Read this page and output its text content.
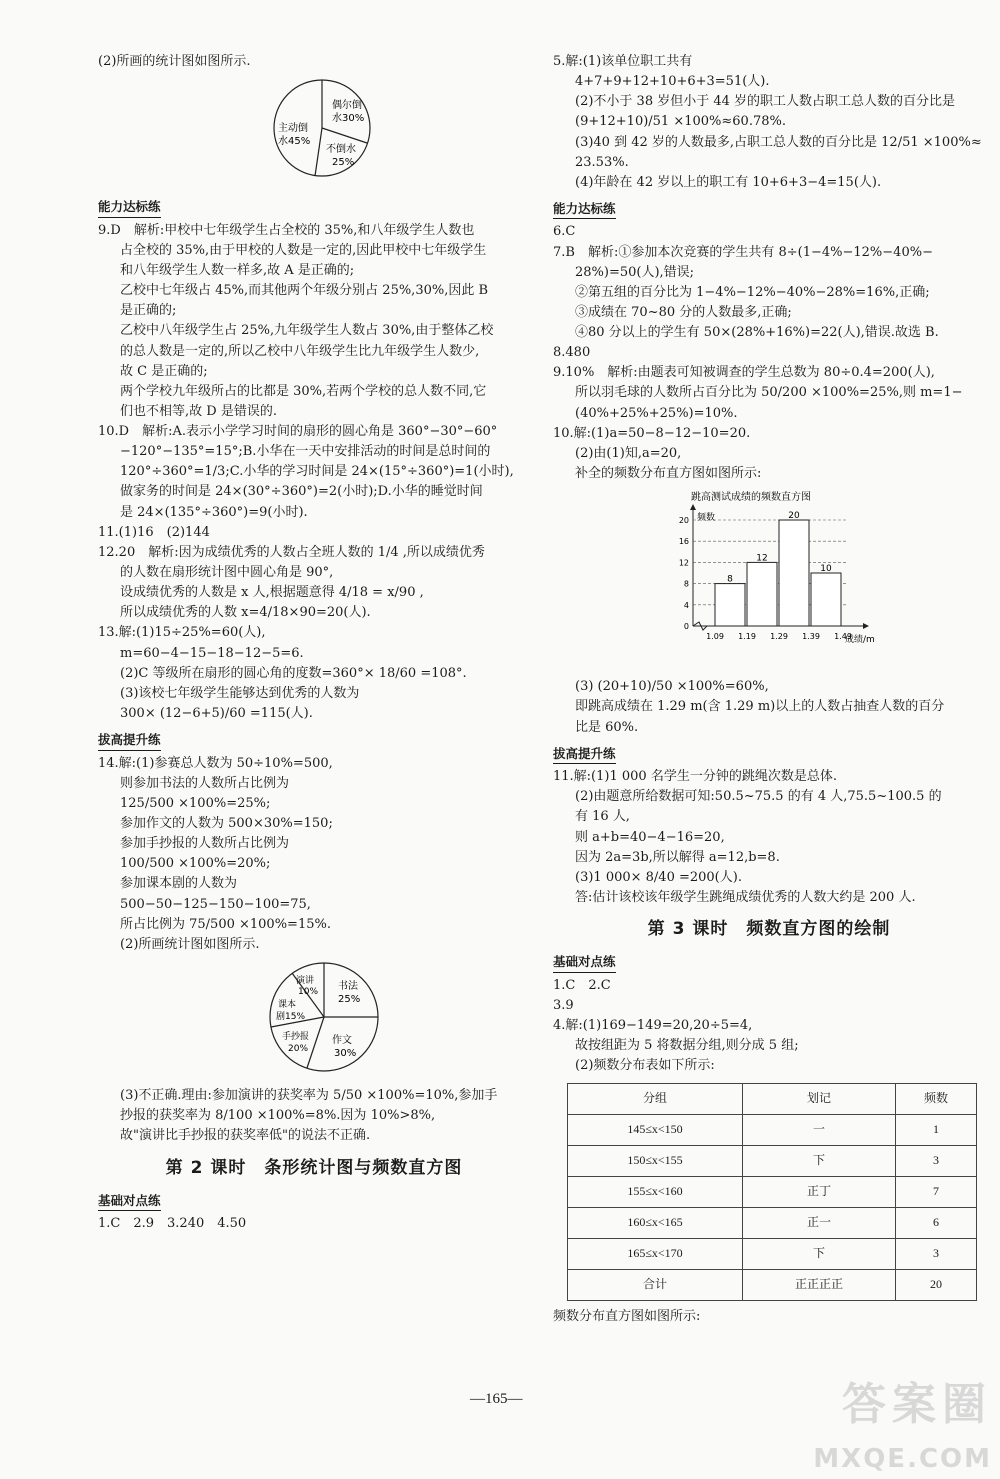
(2)所画的统计图如图所示.

偶尔倒
水30%
主动倒
水45%
不倒水
25%
能力达标练

9.D　解析:甲校中七年级学生占全校的 35%,和八年级学生人数也

占全校的 35%,由于甲校的人数是一定的,因此甲校中七年级学生

和八年级学生人数一样多,故 A 是正确的;

乙校中七年级占 45%,而其他两个年级分别占 25%,30%,因此 B

是正确的;

乙校中八年级学生占 25%,九年级学生人数占 30%,由于整体乙校

的总人数是一定的,所以乙校中八年级学生比九年级学生人数少,

故 C 是正确的;

两个学校九年级所占的比都是 30%,若两个学校的总人数不同,它

们也不相等,故 D 是错误的.

10.D　解析:A.表示小学学习时间的扇形的圆心角是 360°−30°−60°

−120°−135°=15°;B.小华在一天中安排活动的时间是总时间的

120°÷360°=1/3;C.小华的学习时间是 24×(15°÷360°)=1(小时),

做家务的时间是 24×(30°÷360°)=2(小时);D.小华的睡觉时间

是 24×(135°÷360°)=9(小时).

11.(1)16　(2)144

12.20　解析:因为成绩优秀的人数占全班人数的 1/4 ,所以成绩优秀

的人数在扇形统计图中圆心角是 90°,

设成绩优秀的人数是 x 人,根据题意得 4/18 = x/90 ,

所以成绩优秀的人数 x=4/18×90=20(人).

13.解:(1)15÷25%=60(人),

m=60−4−15−18−12−5=6.

(2)C 等级所在扇形的圆心角的度数=360°× 18/60 =108°.

(3)该校七年级学生能够达到优秀的人数为

300× (12−6+5)/60 =115(人).

拔高提升练

14.解:(1)参赛总人数为 50÷10%=500,

则参加书法的人数所占比例为

125/500 ×100%=25%;

参加作文的人数为 500×30%=150;

参加手抄报的人数所占比例为

100/500 ×100%=20%;

参加课本剧的人数为

500−50−125−150−100=75,

所占比例为 75/500 ×100%=15%.

(2)所画统计图如图所示.

演讲
10% 书法
25%
课本
剧15%
手抄报
20%
作文
30%

(3)不正确.理由:参加演讲的获奖率为 5/50 ×100%=10%,参加手

抄报的获奖率为 8/100 ×100%=8%.因为 10%>8%,

故"演讲比手抄报的获奖率低"的说法不正确.

第 2 课时　条形统计图与频数直方图
基础对点练

1.C　2.9　3.240　4.50

5.解:(1)该单位职工共有

4+7+9+12+10+6+3=51(人).

(2)不小于 38 岁但小于 44 岁的职工人数占职工总人数的百分比是

(9+12+10)/51 ×100%≈60.78%.

(3)40 到 42 岁的人数最多,占职工总人数的百分比是 12/51 ×100%≈

23.53%.

(4)年龄在 42 岁以上的职工有 10+6+3−4=15(人).

能力达标练

6.C

7.B　解析:①参加本次竞赛的学生共有 8÷(1−4%−12%−40%−

28%)=50(人),错误;

②第五组的百分比为 1−4%−12%−40%−28%=16%,正确;

③成绩在 70~80 分的人数最多,正确;

④80 分以上的学生有 50×(28%+16%)=22(人),错误.故选 B.

8.480

9.10%　解析:由题表可知被调查的学生总数为 80÷0.4=200(人),

所以羽毛球的人数所占百分比为 50/200 ×100%=25%,则 m=1−

(40%+25%+25%)=10%.

10.解:(1)a=50−8−12−10=20.

(2)由(1)知,a=20,

补全的频数分布直方图如图所示:

跳高测试成绩的频数直方图
频数
成绩/m
0
4
8
12
16
20
1.09 1.19 1.29 1.39 1.49
8
12
20
10

(3) (20+10)/50 ×100%=60%,

即跳高成绩在 1.29 m(含 1.29 m)以上的人数占抽查人数的百分

比是 60%.

拔高提升练

11.解:(1)1 000 名学生一分钟的跳绳次数是总体.

(2)由题意所给数据可知:50.5~75.5 的有 4 人,75.5~100.5 的

有 16 人,

则 a+b=40−4−16=20,

因为 2a=3b,所以解得 a=12,b=8.

(3)1 000× 8/40 =200(人).

答:估计该校该年级学生跳绳成绩优秀的人数大约是 200 人.

第 3 课时　频数直方图的绘制
基础对点练

1.C　2.C

3.9

4.解:(1)169−149=20,20÷5=4,

故按组距为 5 将数据分组,则分成 5 组;

(2)频数分布表如下所示:

分组	划记	频数
145≤x<150	一	1
150≤x<155	下	3
155≤x<160	正丁	7
160≤x<165	正一	6
165≤x<170	下	3
合计	正正正正	20

频数分布直方图如图所示:

—165—	答案圈
MXQE.COM
